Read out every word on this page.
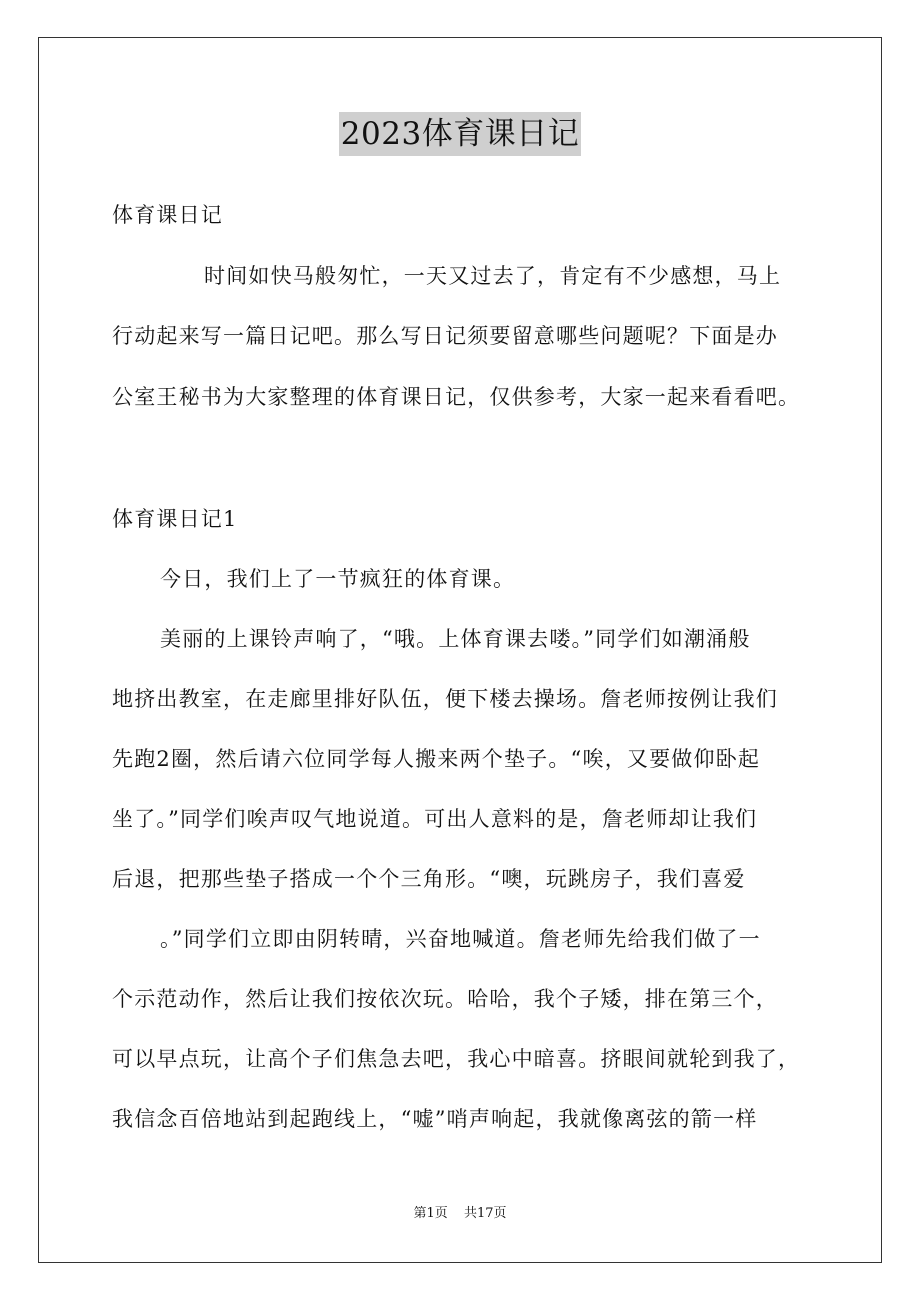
2023体育课日记
体育课日记
时间如快马般匆忙，一天又过去了，肯定有不少感想，马上
行动起来写一篇日记吧。那么写日记须要留意哪些问题呢？下面是办
公室王秘书为大家整理的体育课日记，仅供参考，大家一起来看看吧。
体育课日记1
今日，我们上了一节疯狂的体育课。
美丽的上课铃声响了，“哦。上体育课去喽。”同学们如潮涌般
地挤出教室，在走廊里排好队伍，便下楼去操场。詹老师按例让我们
先跑2圈，然后请六位同学每人搬来两个垫子。“唉，又要做仰卧起
坐了。”同学们唉声叹气地说道。可出人意料的是，詹老师却让我们
后退，把那些垫子搭成一个个三角形。“噢，玩跳房子，我们喜爱
。”同学们立即由阴转晴，兴奋地喊道。詹老师先给我们做了一
个示范动作，然后让我们按依次玩。哈哈，我个子矮，排在第三个，
可以早点玩，让高个子们焦急去吧，我心中暗喜。挤眼间就轮到我了，
我信念百倍地站到起跑线上，“嘘”哨声响起，我就像离弦的箭一样
第1页 共17页
